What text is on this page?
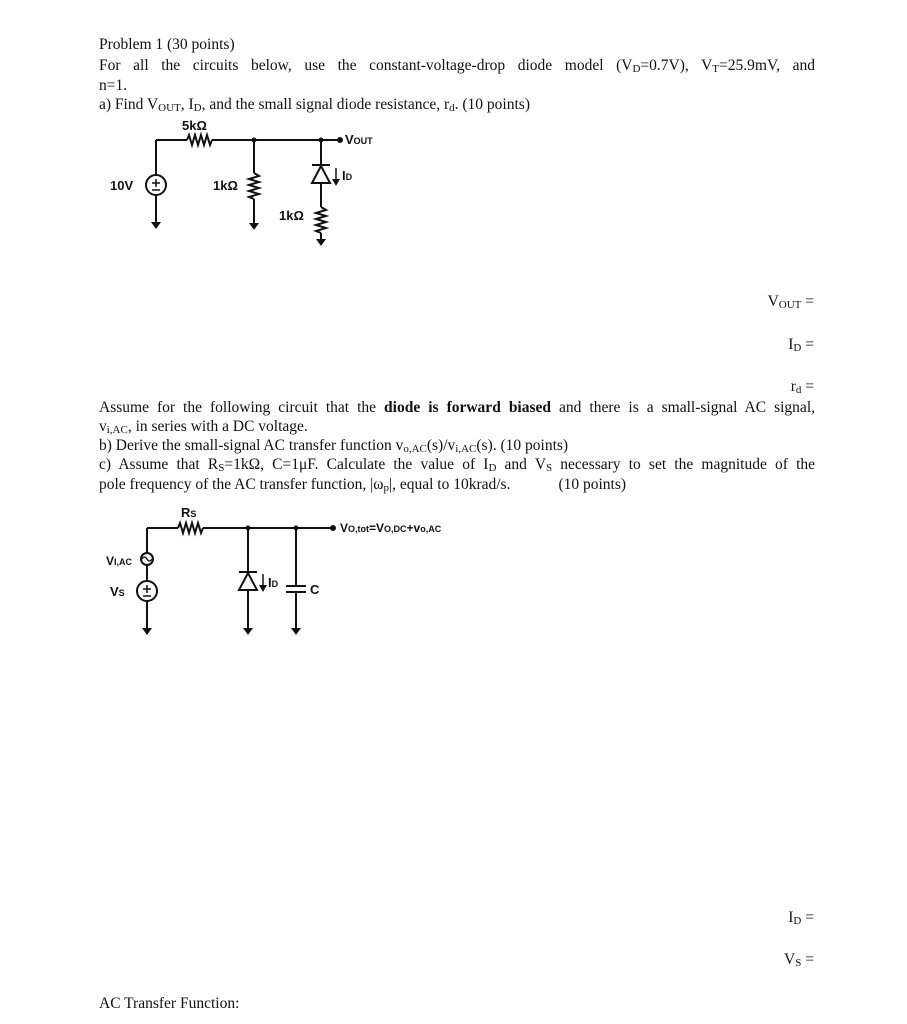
Problem 1 (30 points)
For all the circuits below, use the constant-voltage-drop diode model (VD=0.7V), VT=25.9mV, and
n=1.
a) Find VOUT, ID, and the small signal diode resistance, rd. (10 points)
5kΩ
VOUT
10V	1kΩ
ID
1kΩ
VOUT =
ID =
rd =
Assume for the following circuit that the diode is forward biased and there is a small-signal AC signal,
vi,AC, in series with a DC voltage.
b) Derive the small-signal AC transfer function vo,AC(s)/vi,AC(s). (10 points)
c) Assume that RS=1kΩ, C=1μF. Calculate the value of ID and VS necessary to set the magnitude of the
pole frequency of the AC transfer function, |ωp|, equal to 10krad/s.	(10 points)
RS
VO,tot=VO,DC+vo,AC
VI,AC
VS
ID C
ID =
VS =
AC Transfer Function:
